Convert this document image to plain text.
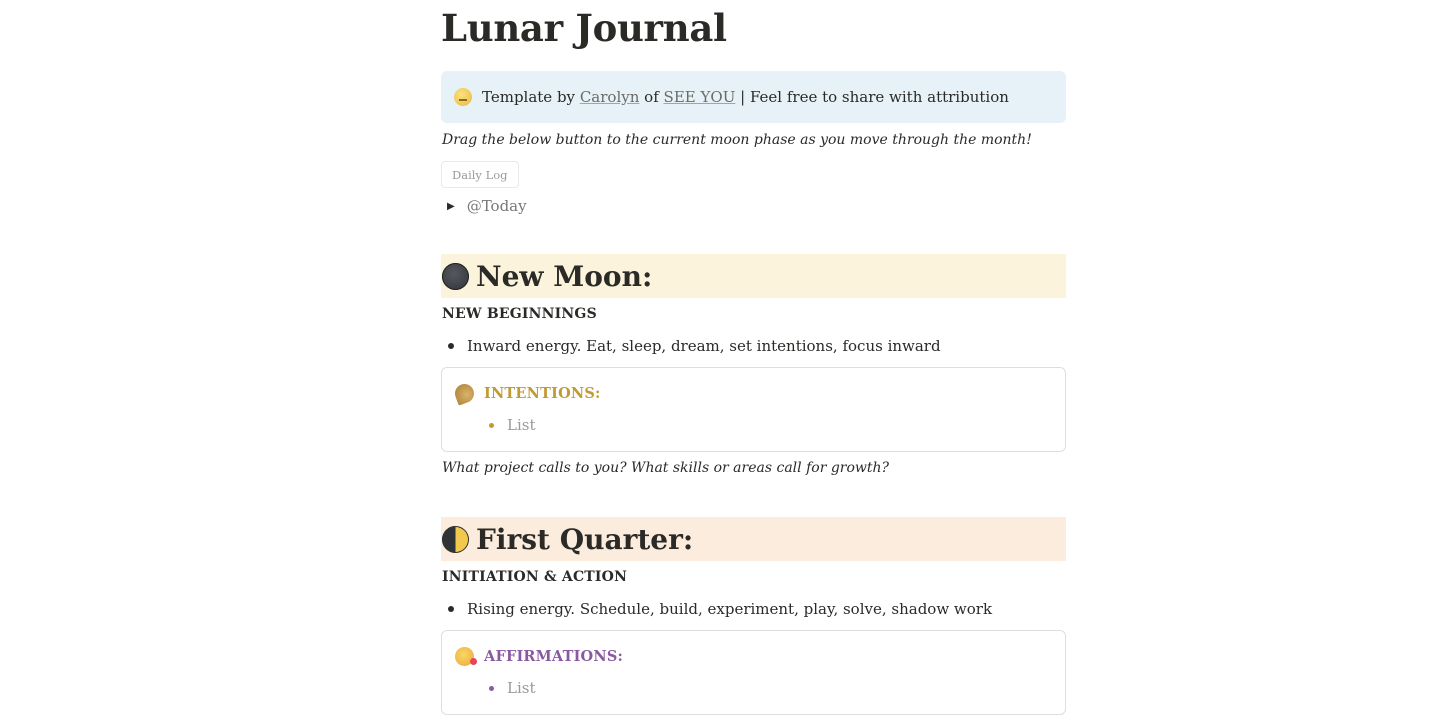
Lunar Journal
Template by
Carolyn
of
SEE YOU
| Feel free to share with attribution

Drag the below button to the current moon phase as you move through the month!

Daily Log
▶ @Today
New Moon:

NEW BEGINNINGS

Inward energy. Eat, sleep, dream, set intentions, focus inward
INTENTIONS:
List

What project calls to you? What skills or areas call for growth?

First Quarter:

INITIATION & ACTION

Rising energy. Schedule, build, experiment, play, solve, shadow work
AFFIRMATIONS:
List
